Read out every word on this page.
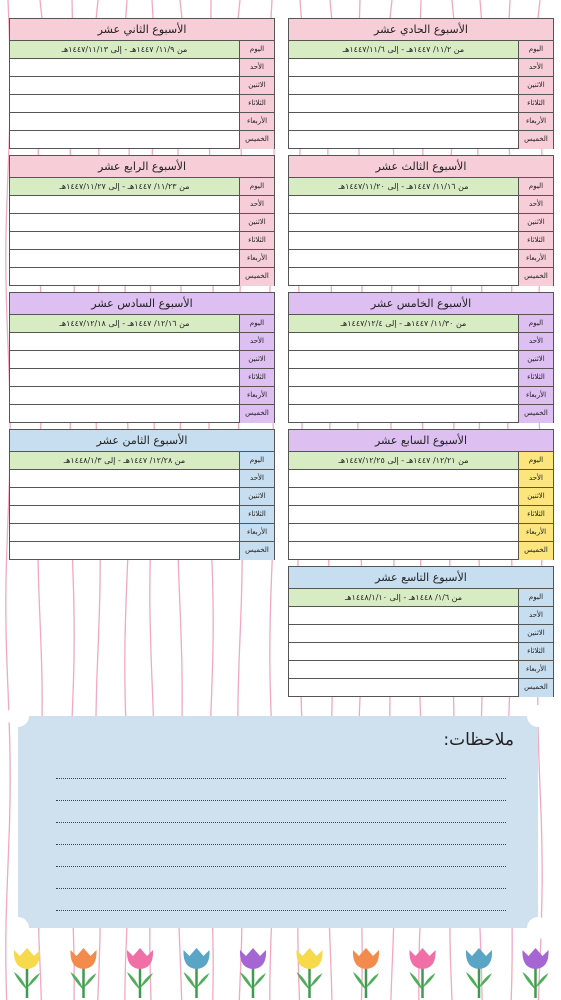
الأسبوع الحادي عشر
اليوم
من ١١/٢/ ١٤٤٧هـ - إلى ١٤٤٧/١١/٦هـ
الأحد
الاثنين
الثلاثاء
الأربعاء
الخميس
الأسبوع الثاني عشر
اليوم
من ١١/٩/ ١٤٤٧هـ - إلى ١٤٤٧/١١/١٣هـ
الأحد
الاثنين
الثلاثاء
الأربعاء
الخميس
الأسبوع الثالث عشر
اليوم
من ١١/١٦/ ١٤٤٧هـ - إلى ١٤٤٧/١١/٢٠هـ
الأحد
الاثنين
الثلاثاء
الأربعاء
الخميس
الأسبوع الرابع عشر
اليوم
من ١١/٢٣/ ١٤٤٧هـ - إلى ١٤٤٧/١١/٢٧هـ
الأحد
الاثنين
الثلاثاء
الأربعاء
الخميس
الأسبوع الخامس عشر
اليوم
من ١١/٣٠/ ١٤٤٧هـ - إلى ١٤٤٧/١٢/٤هـ
الأحد
الاثنين
الثلاثاء
الأربعاء
الخميس
الأسبوع السادس عشر
اليوم
من ١٢/١٦/ ١٤٤٧هـ - إلى ١٤٤٧/١٢/١٨هـ
الأحد
الاثنين
الثلاثاء
الأربعاء
الخميس
الأسبوع السابع عشر
اليوم
من ١٢/٢١/ ١٤٤٧هـ - إلى ١٤٤٧/١٢/٢٥هـ
الأحد
الاثنين
الثلاثاء
الأربعاء
الخميس
الأسبوع الثامن عشر
اليوم
من ١٢/٢٨/ ١٤٤٧هـ - إلى ١٤٤٨/١/٣هـ
الأحد
الاثنين
الثلاثاء
الأربعاء
الخميس
الأسبوع التاسع عشر
اليوم
من ١/٦/ ١٤٤٨هـ - إلى ١٤٤٨/١/١٠هـ
الأحد
الاثنين
الثلاثاء
الأربعاء
الخميس
ملاحظات:
